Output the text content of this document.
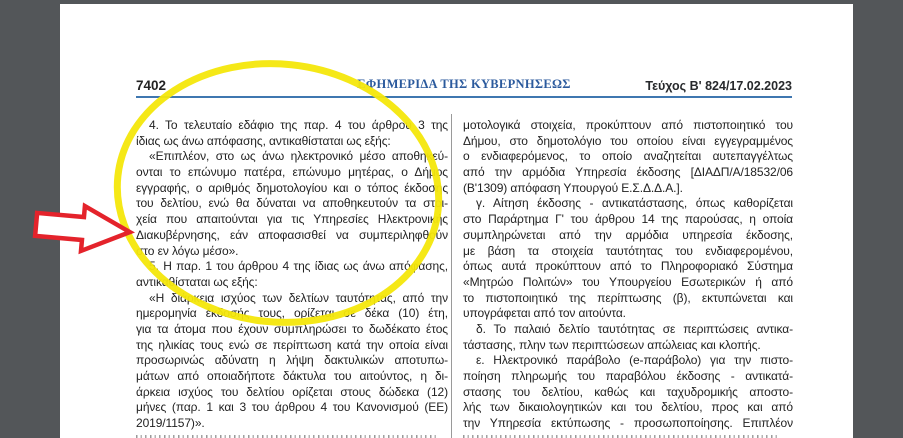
7402	ΕΦΗΜΕΡΙΔΑ ΤΗΣ ΚΥΒΕΡΝΗΣΕΩΣ	Τεύχος Β' 824/17.02.2023
4. Το τελευταίο εδάφιο της παρ. 4 του άρθρου 3 της
ίδιας ως άνω απόφασης, αντικαθίσταται ως εξής:
«Επιπλέον, στο ως άνω ηλεκτρονικό μέσο αποθηκεύ-
ονται το επώνυμο πατέρα, επώνυμο μητέρας, ο Δήμος
εγγραφής, ο αριθμός δημοτολογίου και ο τόπος έκδοσης
του δελτίου, ενώ θα δύναται να αποθηκευτούν τα στοι-
χεία που απαιτούνται για τις Υπηρεσίες Ηλεκτρονικής
Διακυβέρνησης, εάν αποφασισθεί να συμπεριληφθούν
στο εν λόγω μέσο».
5. Η παρ. 1 του άρθρου 4 της ίδιας ως άνω απόφασης,
αντικαθίσταται ως εξής:
«Η διάρκεια ισχύος των δελτίων ταυτότητας, από την
ημερομηνία έκδοσής τους, ορίζεται σε δέκα (10) έτη,
για τα άτομα που έχουν συμπληρώσει το δωδέκατο έτος
της ηλικίας τους ενώ σε περίπτωση κατά την οποία είναι
προσωρινώς αδύνατη η λήψη δακτυλικών αποτυπω-
μάτων από οποιαδήποτε δάκτυλα του αιτούντος, η δι-
άρκεια ισχύος του δελτίου ορίζεται στους δώδεκα (12)
μήνες (παρ. 1 και 3 του άρθρου 4 του Κανονισμού (ΕΕ)
2019/1157)».
μοτολογικά στοιχεία, προκύπτουν από πιστοποιητικό του
Δήμου, στο δημοτολόγιο του οποίου είναι εγγεγραμμένος
ο ενδιαφερόμενος, το οποίο αναζητείται αυτεπαγγέλτως
από την αρμόδια Υπηρεσία έκδοσης [ΔΙΑΔΠ/Α/18532/06
(Β'1309) απόφαση Υπουργού Ε.Σ.Δ.Δ.Α.].
γ. Αίτηση έκδοσης - αντικατάστασης, όπως καθορίζεται
στο Παράρτημα Γ' του άρθρου 14 της παρούσας, η οποία
συμπληρώνεται από την αρμόδια υπηρεσία έκδοσης,
με βάση τα στοιχεία ταυτότητας του ενδιαφερομένου,
όπως αυτά προκύπτουν από το Πληροφοριακό Σύστημα
«Μητρώο Πολιτών» του Υπουργείου Εσωτερικών ή από
το πιστοποιητικό της περίπτωσης (β), εκτυπώνεται και
υπογράφεται από τον αιτούντα.
δ. Το παλαιό δελτίο ταυτότητας σε περιπτώσεις αντικα-
τάστασης, πλην των περιπτώσεων απώλειας και κλοπής.
ε. Ηλεκτρονικό παράβολο (e-παράβολο) για την πιστο-
ποίηση πληρωμής του παραβόλου έκδοσης - αντικατά-
στασης του δελτίου, καθώς και ταχυδρομικής αποστο-
λής των δικαιολογητικών και του δελτίου, προς και από
την Υπηρεσία εκτύπωσης - προσωποποίησης. Επιπλέον
